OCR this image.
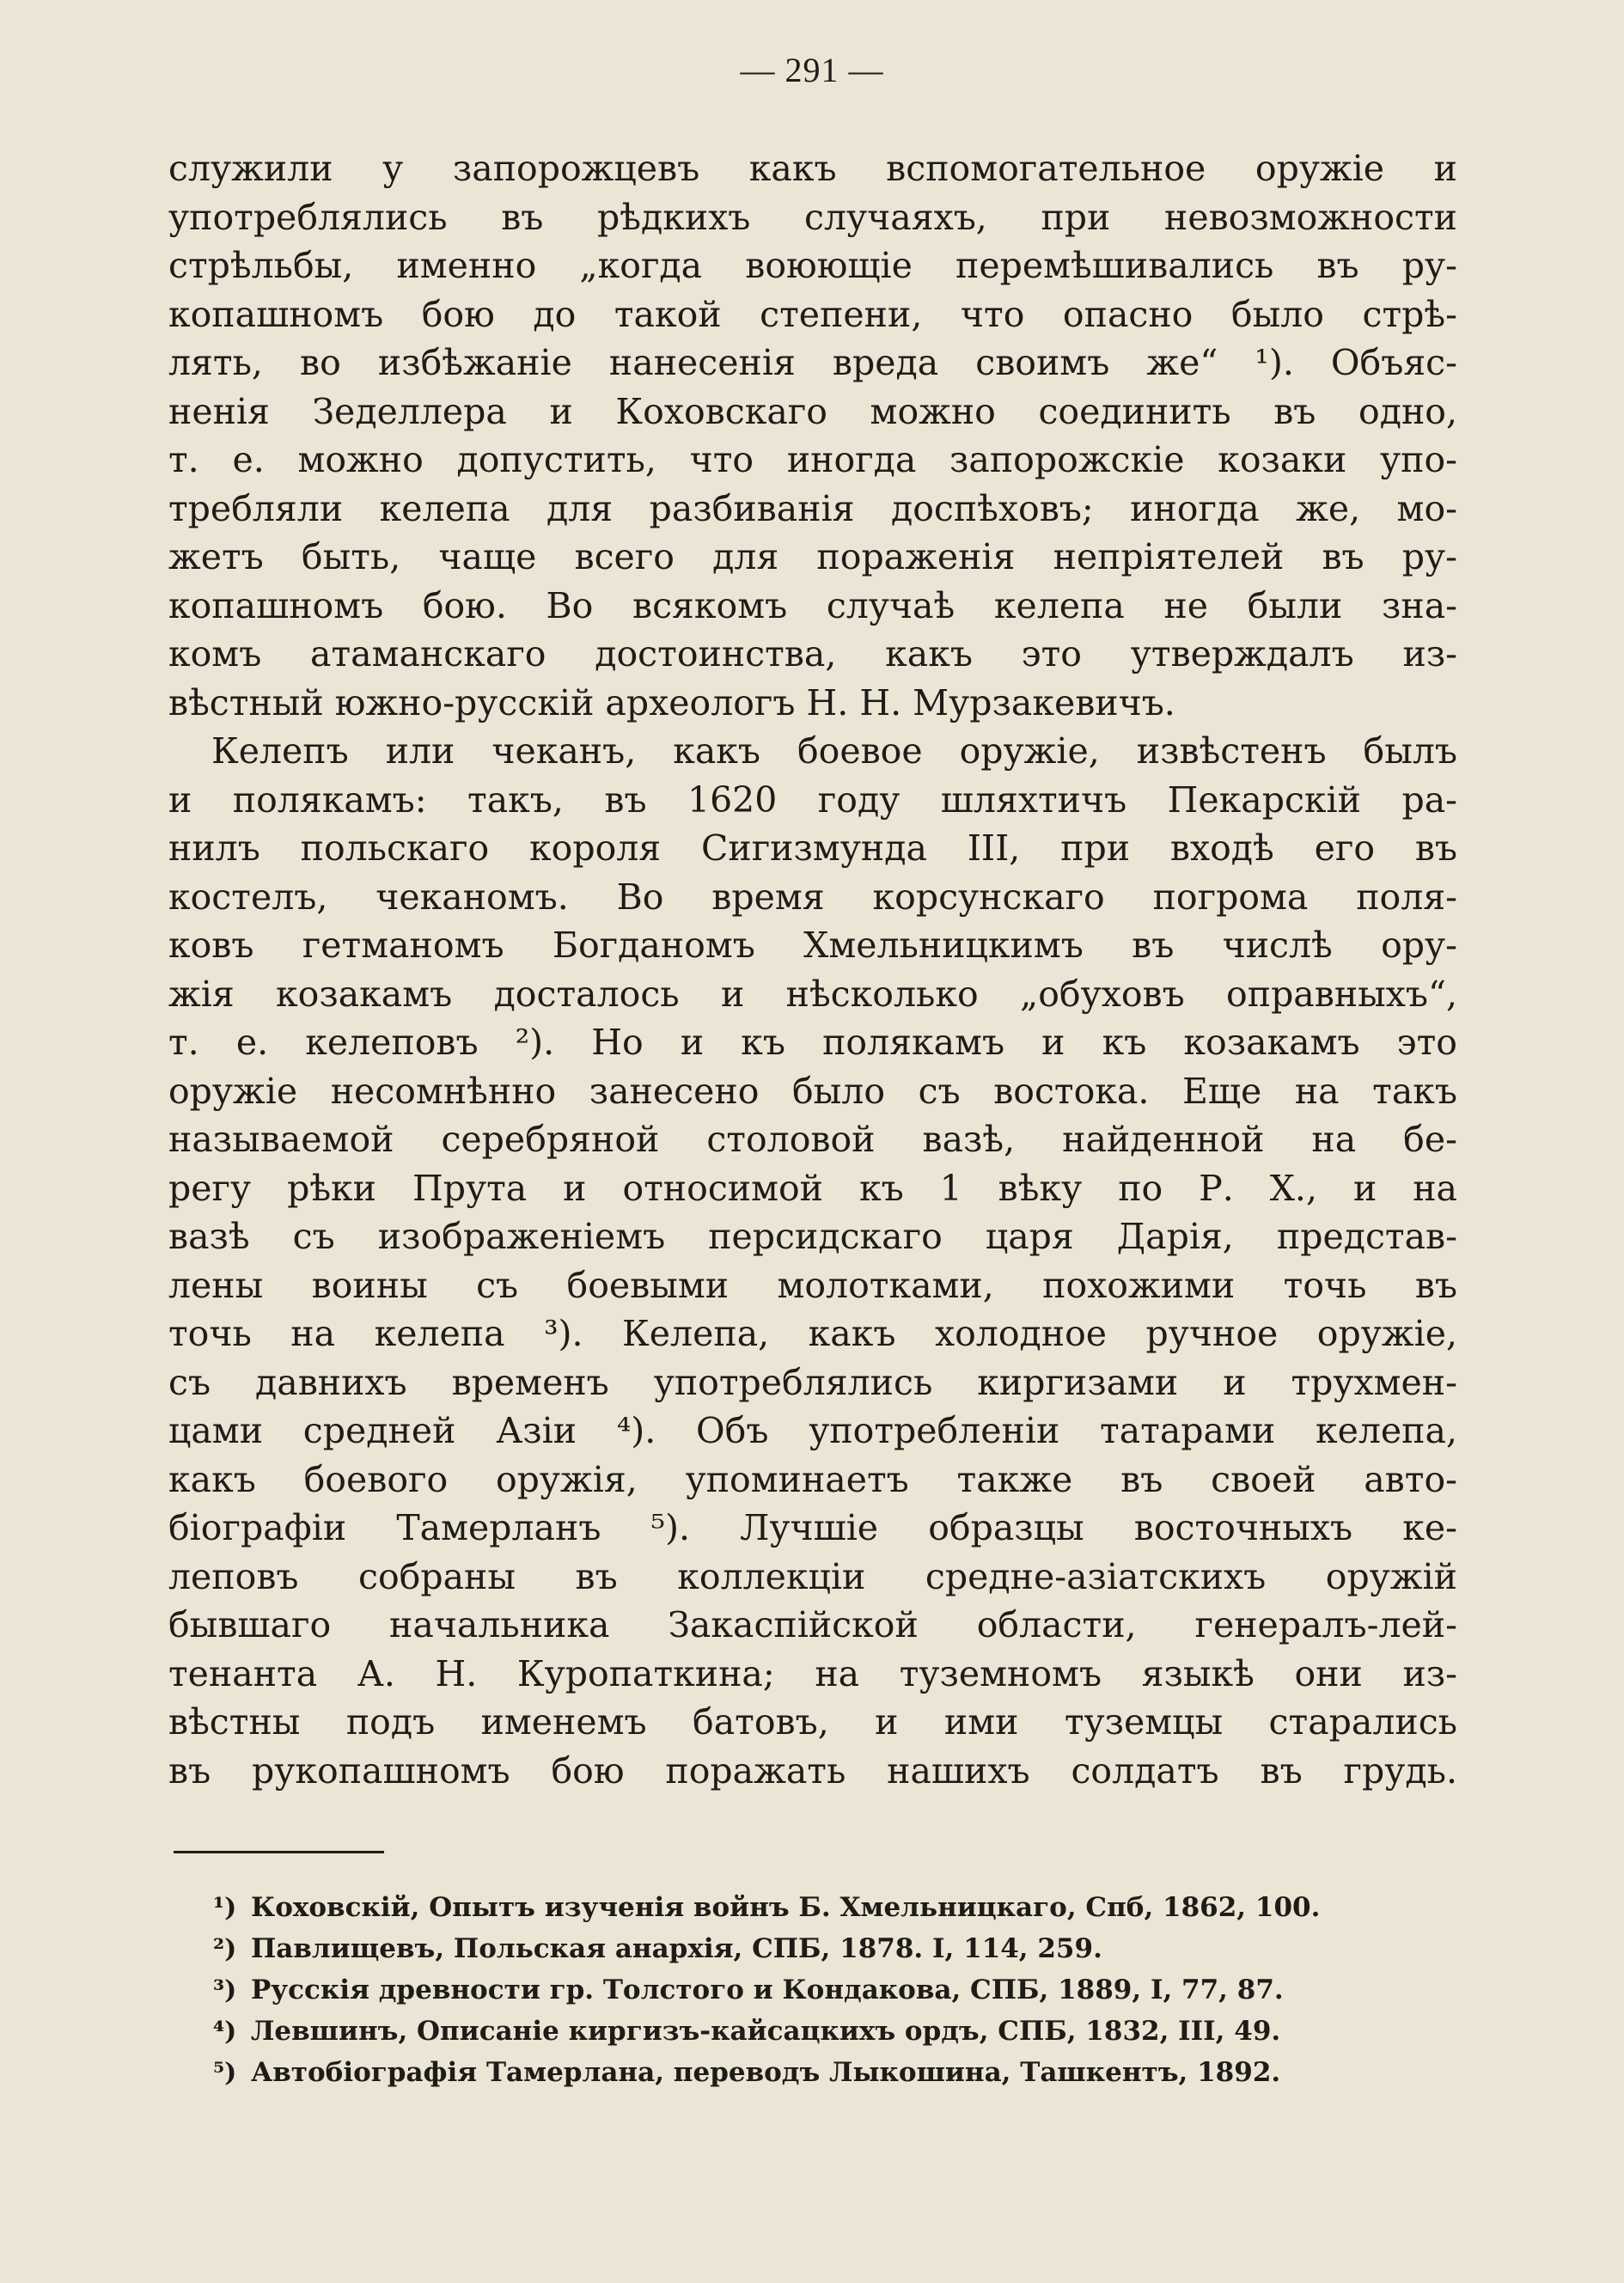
— 291 —
служили у запорожцевъ какъ вспомогательное оружіе и
употреблялись въ рѣдкихъ случаяхъ, при невозможности
стрѣльбы, именно „когда воюющіе перемѣшивались въ ру-
копашномъ бою до такой степени, что опасно было стрѣ-
лять, во избѣжаніе нанесенія вреда своимъ же“ ¹). Объяс-
ненія Зеделлера и Коховскаго можно соединить въ одно,
т. е. можно допустить, что иногда запорожскіе козаки упо-
требляли келепа для разбиванія доспѣховъ; иногда же, мо-
жетъ быть, чаще всего для пораженія непріятелей въ ру-
копашномъ бою. Во всякомъ случаѣ келепа не были зна-
комъ атаманскаго достоинства, какъ это утверждалъ из-
вѣстный южно-русскій археологъ Н. Н. Мурзакевичъ.
Келепъ или чеканъ, какъ боевое оружіе, извѣстенъ былъ
и полякамъ: такъ, въ 1620 году шляхтичъ Пекарскій ра-
нилъ польскаго короля Сигизмунда III, при входѣ его въ
костелъ, чеканомъ. Во время корсунскаго погрома поля-
ковъ гетманомъ Богданомъ Хмельницкимъ въ числѣ ору-
жія козакамъ досталось и нѣсколько „обуховъ оправныхъ“,
т. е. келеповъ ²). Но и къ полякамъ и къ козакамъ это
оружіе несомнѣнно занесено было съ востока. Еще на такъ
называемой серебряной столовой вазѣ, найденной на бе-
регу рѣки Прута и относимой къ 1 вѣку по Р. Х., и на
вазѣ съ изображеніемъ персидскаго царя Дарія, представ-
лены воины съ боевыми молотками, похожими точь въ
точь на келепа ³). Келепа, какъ холодное ручное оружіе,
съ давнихъ временъ употреблялись киргизами и трухмен-
цами средней Азіи ⁴). Объ употребленіи татарами келепа,
какъ боевого оружія, упоминаетъ также въ своей авто-
біографіи Тамерланъ ⁵). Лучшіе образцы восточныхъ ке-
леповъ собраны въ коллекціи средне-азіатскихъ оружій
бывшаго начальника Закаспійской области, генералъ-лей-
тенанта А. Н. Куропаткина; на туземномъ языкѣ они из-
вѣстны подъ именемъ батовъ, и ими туземцы старались
въ рукопашномъ бою поражать нашихъ солдатъ въ грудь.
¹) Коховскій, Опытъ изученія войнъ Б. Хмельницкаго, Спб, 1862, 100.
²) Павлищевъ, Польская анархія, СПБ, 1878. I, 114, 259.
³) Русскія древности гр. Толстого и Кондакова, СПБ, 1889, I, 77, 87.
⁴) Левшинъ, Описаніе киргизъ-кайсацкихъ ордъ, СПБ, 1832, III, 49.
⁵) Автобіографія Тамерлана, переводъ Лыкошина, Ташкентъ, 1892.
